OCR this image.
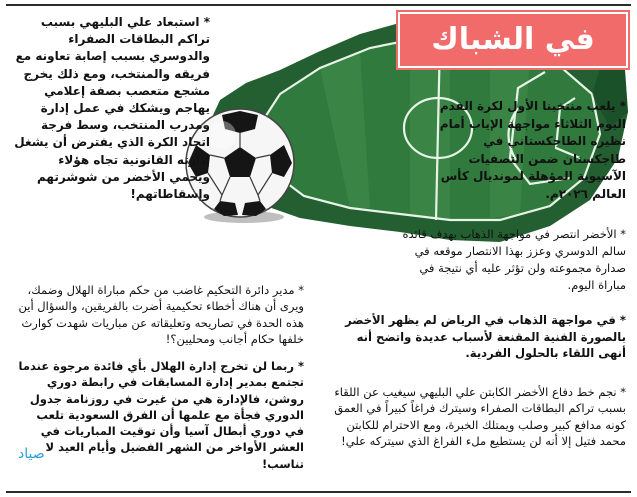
في الشباك

* استبعاد علي البليهي بسبب تراكم البطاقات الصفراء والدوسري بسبب إصابة تعاونه مع فريقه والمنتخب، ومع ذلك يخرج مشجع متعصب بصفة إعلامي يهاجم ويشكك في عمل إدارة ومدرب المنتخب، وسط فرجة اتحاد الكرة الذي يفترض أن يشغل إدارته القانونية تجاه هؤلاء ويحمي الأخضر من شوشرتهم وإسقاطاتهم!

* يلعب منتخبنا الأول لكرة القدم اليوم الثلاثاء مواجهة الإياب أمام نظيره الطاجكستاني في طاجكستان ضمن التصفيات الآسيوية المؤهلة لمونديال كأس العالم ٢٠٢٦م.

* الأخضر انتصر في مواجهة الذهاب بهدف قائده سالم الدوسري وعزز بهذا الانتصار موقعه في صدارة مجموعته ولن تؤثر عليه أي نتيجة في مباراة اليوم.

* مدير دائرة التحكيم غاضب من حكم مباراة الهلال وضمك، ويرى أن هناك أخطاء تحكيمية أضرت بالفريقين، والسؤال أين هذه الحدة في تصاريحه وتعليقاته عن مباريات شهدت كوارث خلفها حكام أجانب ومحليين؟!

* ربما لن تخرج إدارة الهلال بأي فائدة مرجوة عندما تجتمع بمدير إدارة المسابقات في رابطة دوري روشن، فالإدارة هي من غيرت في روزنامة جدول الدوري فجأة مع علمها أن الفرق السعودية تلعب في دوري أبطال آسيا وأن توقيت المباريات في العشر الأواخر من الشهر الفضيل وأيام العيد لا تناسب!

* في مواجهة الذهاب في الرياض لم يظهر الأخضر بالصورة الفنية المقنعة لأسباب عديدة واتضح أنه أنهى اللقاء بالحلول الفردية.

* نجم خط دفاع الأخضر الكابتن علي البليهي سيغيب عن اللقاء بسبب تراكم البطاقات الصفراء وسيترك فراغاً كبيراً في العمق كونه مدافع كبير وصلب ويمتلك الخبرة، ومع الاحترام للكابتن محمد فتيل إلا أنه لن يستطيع ملء الفراغ الذي سيتركه علي!

صياد
